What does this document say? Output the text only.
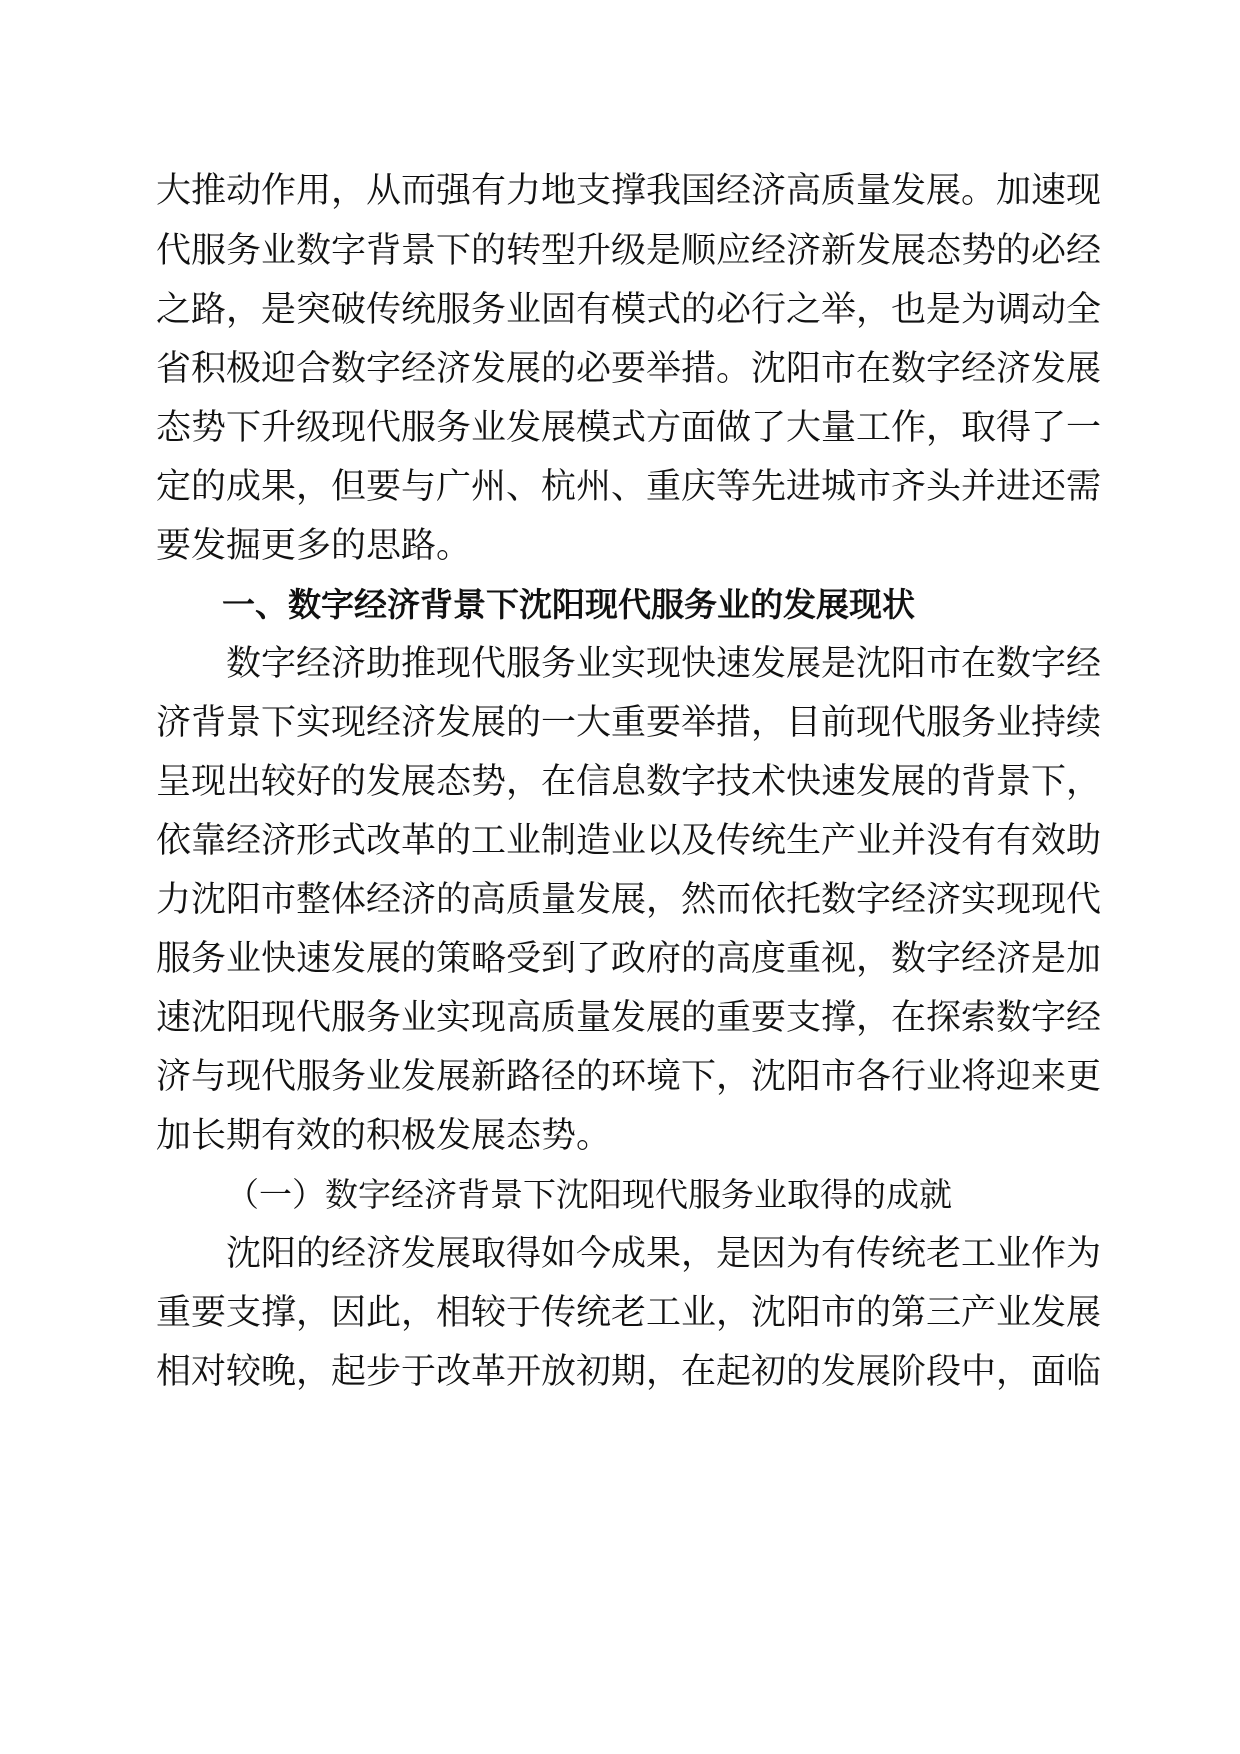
大推动作用，从而强有力地支撑我国经济高质量发展。加速现
代服务业数字背景下的转型升级是顺应经济新发展态势的必经
之路，是突破传统服务业固有模式的必行之举，也是为调动全
省积极迎合数字经济发展的必要举措。沈阳市在数字经济发展
态势下升级现代服务业发展模式方面做了大量工作，取得了一
定的成果，但要与广州、杭州、重庆等先进城市齐头并进还需
要发掘更多的思路。
一、数字经济背景下沈阳现代服务业的发展现状
数字经济助推现代服务业实现快速发展是沈阳市在数字经
济背景下实现经济发展的一大重要举措，目前现代服务业持续
呈现出较好的发展态势，在信息数字技术快速发展的背景下，
依靠经济形式改革的工业制造业以及传统生产业并没有有效助
力沈阳市整体经济的高质量发展，然而依托数字经济实现现代
服务业快速发展的策略受到了政府的高度重视，数字经济是加
速沈阳现代服务业实现高质量发展的重要支撑，在探索数字经
济与现代服务业发展新路径的环境下，沈阳市各行业将迎来更
加长期有效的积极发展态势。
（一）数字经济背景下沈阳现代服务业取得的成就
沈阳的经济发展取得如今成果，是因为有传统老工业作为
重要支撑，因此，相较于传统老工业，沈阳市的第三产业发展
相对较晚，起步于改革开放初期，在起初的发展阶段中，面临
